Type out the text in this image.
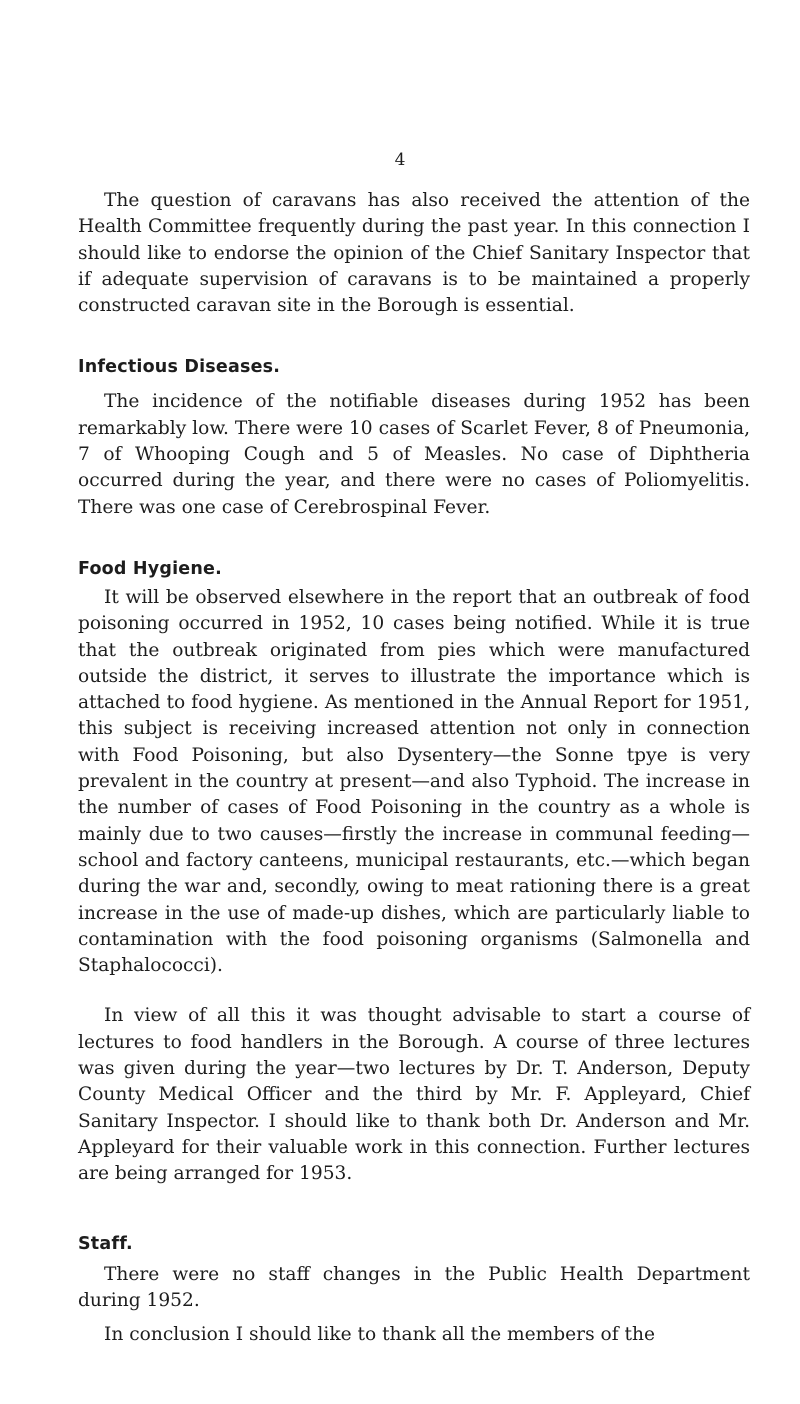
4

The question of caravans has also received the attention of the Health Committee frequently during the past year. In this connection I should like to endorse the opinion of the Chief Sanitary Inspector that if adequate supervision of caravans is to be maintained a properly constructed caravan site in the Borough is essential.

Infectious Diseases.

The incidence of the notifiable diseases during 1952 has been remarkably low. There were 10 cases of Scarlet Fever, 8 of Pneumonia, 7 of Whooping Cough and 5 of Measles. No case of Diphtheria occurred during the year, and there were no cases of Poliomyelitis. There was one case of Cerebrospinal Fever.

Food Hygiene.

It will be observed elsewhere in the report that an outbreak of food poisoning occurred in 1952, 10 cases being notified. While it is true that the outbreak originated from pies which were manufactured outside the district, it serves to illustrate the importance which is attached to food hygiene. As mentioned in the Annual Report for 1951, this subject is receiving increased attention not only in connection with Food Poisoning, but also Dysentery—the Sonne tpye is very prevalent in the country at present—and also Typhoid. The increase in the number of cases of Food Poisoning in the country as a whole is mainly due to two causes—firstly the increase in communal feeding—school and factory canteens, municipal restaurants, etc.—which began during the war and, secondly, owing to meat rationing there is a great increase in the use of made-up dishes, which are particularly liable to contamination with the food poisoning organisms (Salmonella and Staphalococci).

In view of all this it was thought advisable to start a course of lectures to food handlers in the Borough. A course of three lectures was given during the year—two lectures by Dr. T. Anderson, Deputy County Medical Officer and the third by Mr. F. Appleyard, Chief Sanitary Inspector. I should like to thank both Dr. Anderson and Mr. Appleyard for their valuable work in this connection. Further lectures are being arranged for 1953.

Staff.

There were no staff changes in the Public Health Department during 1952.

In conclusion I should like to thank all the members of the
